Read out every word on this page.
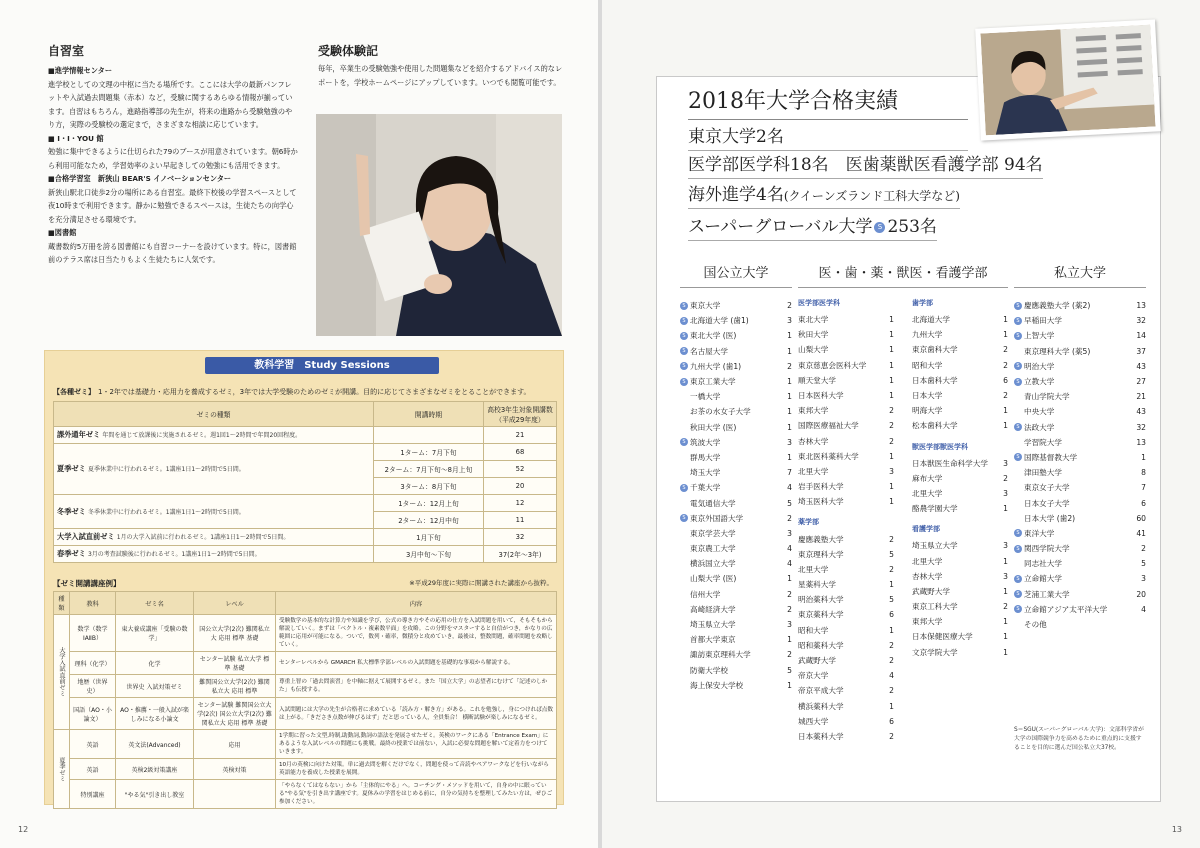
自習室
■進学情報センター
進学校としての文理の中枢に当たる場所です。ここには大学の最新パンフレットや入試過去問題集（赤本）など，受験に関するあらゆる情報が揃っています。自習はもちろん，進路指導部の先生が，将来の進路から受験勉強のやり方，実際の受験校の選定まで，さまざまな相談に応じています。
■ I・I・YOU 館
勉強に集中できるように仕切られた79のブースが用意されています。朝6時から利用可能なため，学習効率のよい早起きしての勉強にも活用できます。
■合格学習室　新狭山 BEAR'S イノベーションセンター
新狭山駅北口徒歩2分の場所にある自習室。最終下校後の学習スペースとして夜10時まで利用できます。静かに勉強できるスペースは，生徒たちの向学心を充分満足させる環境です。
■図書館
蔵書数約5万冊を誇る図書館にも自習コーナーを設けています。特に，図書館前のテラス席は日当たりもよく生徒たちに人気です。
受験体験記
毎年，卒業生の受験勉強や使用した問題集などを紹介するアドバイス的なレポートを，学校ホームページにアップしています。いつでも閲覧可能です。
教科学習　Study Sessions
【各種ゼミ】 1・2年では基礎力・応用力を養成するゼミ，3年では大学受験のためのゼミが開講。目的に応じてさまざまなゼミをとることができます。
ゼミの種類	開講時期	高校3年生対象開講数（平成29年度）
課外通年ゼミ 年間を通じて放課後に実施されるゼミ。週1回1〜2時間で年間20回程度。		21
夏季ゼミ 夏季休業中に行われるゼミ。1講座1日1〜2時間で5日間。	1ターム：7月下旬	68
	2ターム：7月下旬〜8月上旬	52
	3ターム：8月下旬	20
冬季ゼミ 冬季休業中に行われるゼミ。1講座1日1〜2時間で5日間。	1ターム：12月上旬	12
	2ターム：12月中旬	11
大学入試直前ゼミ 1月の大学入試前に行われるゼミ。1講座1日1〜2時間で5日間。	1月下旬	32
春季ゼミ 3月の考査試験後に行われるゼミ。1講座1日1〜2時間で5日間。	3月中旬〜下旬	37(2年〜3年)
【ゼミ開講講座例】	※平成29年度に実際に開講された講座から抜粋。
種類	教科	ゼミ名	レベル	内容
大学入試直前ゼミ	数学（数学ⅠAⅡB）	東大養成講座「受験の数学」	国公立大学(2次) 難関私立大 応用 標準 基礎	受験数学の基本的な計算力や知識を学び，公式の導き方やその応用の仕方を入試問題を用いて，そもそもから解説していく。まずは「ベクトル・複素数平面」を攻略。この分野をマスターすると自信がつき，かなりの広範囲に応用が可能になる。ついで，数列・確率，微積分と攻めていき，最後は，整数問題，確率問題を攻略していく。
	理科（化学）	化学	センター試験 私立大学 標準 基礎	センターレベルから GMARCH 私大標準学部レベルの入試問題を基礎的な事項から解説する。
	地歴（世界史）	世界史 入試対策ゼミ	難関国公立大学(2次) 難関私立大 応用 標準	尊重上智の「過去問演習」を中軸に据えて展開するゼミ。また「国立大学」の志望者にむけて「記述のしかた」も伝授する。
	国語（AO・小論文）	AO・推薦・一般入試が楽しみになる小論文	センター試験 難関国公立大学(2次) 国公立大学(2次) 難関私立大 応用 標準 基礎	入試問題には大学の先生が合格者に求めている「読み方・解き方」がある。これを勉強し，身につければ点数は上がる。「きださき点数が伸びるはず」だと思っている人，全員集合！ 横断試験が楽しみになるゼミ。
夏季ゼミ	英語	英文法(Advanced)	応用	1学期に習った文型,時制,助動詞,動詞の語法を発展させたゼミ。英検のワークにある「Entrance Exam」にあるような入試レベルの問題にも挑戦。最終の授業では前ない，入試に必要な問題を解いて定着力をつけていきます。
	英語	英検2級対策講座	英検対策	10月の英検に向けた対策。単に過去問を解くだけでなく，問題を使って音読やペアワークなどを行いながら英語能力を養成した授業を展開。
	特別講座	"やる気"引き出し教室		「やらなくてはならない」から「主体的にやる」へ。コーチング・メソッドを用いて，自身の中に眠っている"やる気"を引き出す講座です。夏休みの学習をはじめる前に，自分の気持ちを整理してみたい方は，ぜひご参加ください。
12
2018年大学合格実績
東京大学2名
医学部医学科18名　医歯薬獣医看護学部 94名
海外進学4名(クイーンズランド工科大学など)
スーパーグローバル大学 S 253名
国公立大学
S 東京大学	2
S 北海道大学 (歯1)	3
S 東北大学 (医)	1
S 名古屋大学	1
S 九州大学 (歯1)	2
S 東京工業大学	1
一橋大学	1
お茶の水女子大学	1
秋田大学 (医)	1
S 筑波大学	3
群馬大学	1
埼玉大学	7
S 千葉大学	4
電気通信大学	5
S 東京外国語大学	2
東京学芸大学	3
東京農工大学	4
横浜国立大学	4
山梨大学 (医)	1
信州大学	2
高崎経済大学	2
埼玉県立大学	3
首都大学東京	1
諏訪東京理科大学	2
防衛大学校	5
海上保安大学校	1
医・歯・薬・獣医・看護学部
医学部医学科
東北大学	1
秋田大学	1
山梨大学	1
東京慈恵会医科大学	1
順天堂大学	1
日本医科大学	1
東邦大学	2
国際医療福祉大学	2
杏林大学	2
東北医科薬科大学	1
北里大学	3
岩手医科大学	1
埼玉医科大学	1
薬学部
慶應義塾大学	2
東京理科大学	5
北里大学	2
星薬科大学	1
明治薬科大学	5
東京薬科大学	6
昭和大学	1
昭和薬科大学	2
武蔵野大学	2
帝京大学	4
帝京平成大学	2
横浜薬科大学	1
城西大学	6
日本薬科大学	2
歯学部
北海道大学	1
九州大学	1
東京歯科大学	2
昭和大学	2
日本歯科大学	6
日本大学	2
明海大学	1
松本歯科大学	1
獣医学部獣医学科
日本獣医生命科学大学	3
麻布大学	2
北里大学	3
酪農学園大学	1
看護学部
埼玉県立大学	3
北里大学	1
杏林大学	3
武蔵野大学	1
東京工科大学	2
東邦大学	1
日本保健医療大学	1
文京学院大学	1
私立大学
S 慶應義塾大学 (薬2)	13
S 早稲田大学	32
S 上智大学	14
東京理科大学 (薬5)	37
S 明治大学	43
S 立教大学	27
青山学院大学	21
中央大学	43
S 法政大学	32
学習院大学	13
S 国際基督教大学	1
津田塾大学	8
東京女子大学	7
日本女子大学	6
日本大学 (歯2)	60
S 東洋大学	41
S 関西学院大学	2
同志社大学	5
S 立命館大学	3
S 芝浦工業大学	20
S 立命館アジア太平洋大学	4
その他
S＝SGU(スーパーグローバル大学)：文部科学省が大学の国際競争力を高めるために重点的に支援することを目的に選んだ国公私立大37校。
13
